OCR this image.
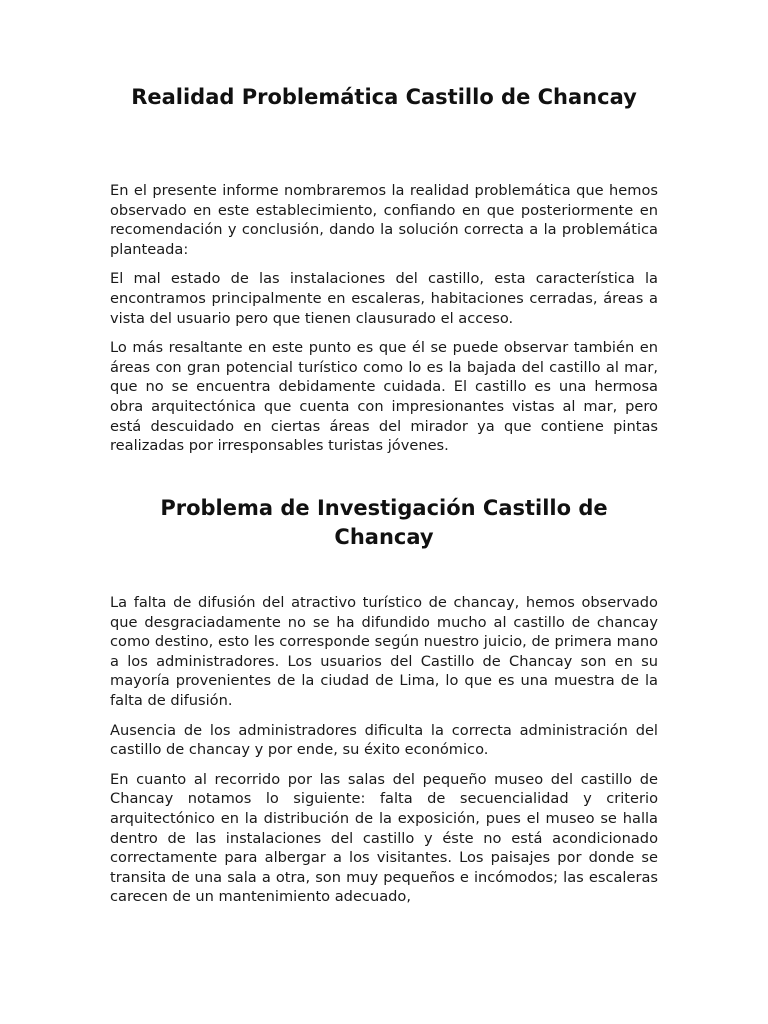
Realidad Problemática Castillo de Chancay

En el presente informe nombraremos la realidad problemática que hemos observado en este establecimiento, confiando en que posteriormente en recomendación y conclusión, dando la solución correcta a la problemática planteada:

El mal estado de las instalaciones del castillo, esta característica la encontramos principalmente en escaleras, habitaciones cerradas, áreas a vista del usuario pero que tienen clausurado el acceso.

Lo más resaltante en este punto es que él se puede observar también en áreas con gran potencial turístico como lo es la bajada del castillo al mar, que no se encuentra debidamente cuidada. El castillo es una hermosa obra arquitectónica que cuenta con impresionantes vistas al mar, pero está descuidado en ciertas áreas del mirador ya que contiene pintas realizadas por irresponsables turistas jóvenes.

Problema de Investigación Castillo de Chancay

La falta de difusión del atractivo turístico de chancay, hemos observado que desgraciadamente no se ha difundido mucho al castillo de chancay como destino, esto les corresponde según nuestro juicio, de primera mano a los administradores. Los usuarios del Castillo de Chancay son en su mayoría provenientes de la ciudad de Lima, lo que es una muestra de la falta de difusión.

Ausencia de los administradores dificulta la correcta administración del castillo de chancay y por ende, su éxito económico.

En cuanto al recorrido por las salas del pequeño museo del castillo de Chancay notamos lo siguiente: falta de secuencialidad y criterio arquitectónico en la distribución de la exposición, pues el museo se halla dentro de las instalaciones del castillo y éste no está acondicionado correctamente para albergar a los visitantes. Los paisajes por donde se transita de una sala a otra, son muy pequeños e incómodos; las escaleras carecen de un mantenimiento adecuado,
